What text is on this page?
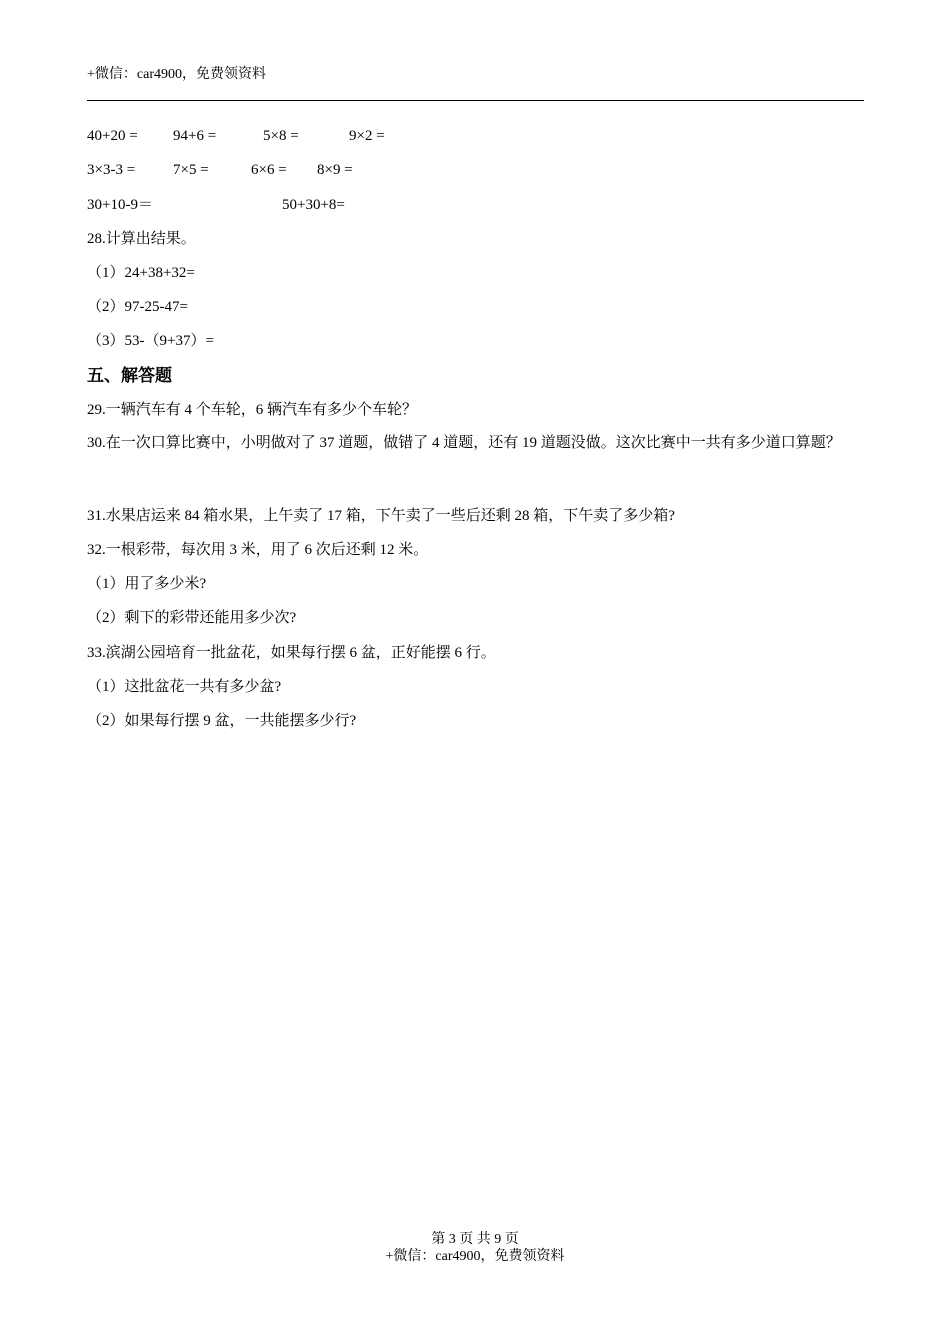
+微信：car4900，免费领资料
40+20 = 94+6 =	5×8 =	9×2 =
3×3-3 =	7×5 =	6×6 = 8×9 =
30+10-9＝	50+30+8=
28.计算出结果。
（1）24+38+32=
（2）97-25-47=
（3）53-（9+37）=
五、解答题
29.一辆汽车有 4 个车轮，6 辆汽车有多少个车轮？
30.在一次口算比赛中，小明做对了 37 道题，做错了 4 道题，还有 19 道题没做。这次比赛中一共有多少道口算题？
31.水果店运来 84 箱水果，上午卖了 17 箱，下午卖了一些后还剩 28 箱，下午卖了多少箱?
32.一根彩带，每次用 3 米，用了 6 次后还剩 12 米。
（1）用了多少米?
（2）剩下的彩带还能用多少次?
33.滨湖公园培育一批盆花，如果每行摆 6 盆，正好能摆 6 行。
（1）这批盆花一共有多少盆?
（2）如果每行摆 9 盆，一共能摆多少行?
第 3 页 共 9 页
+微信：car4900，免费领资料
